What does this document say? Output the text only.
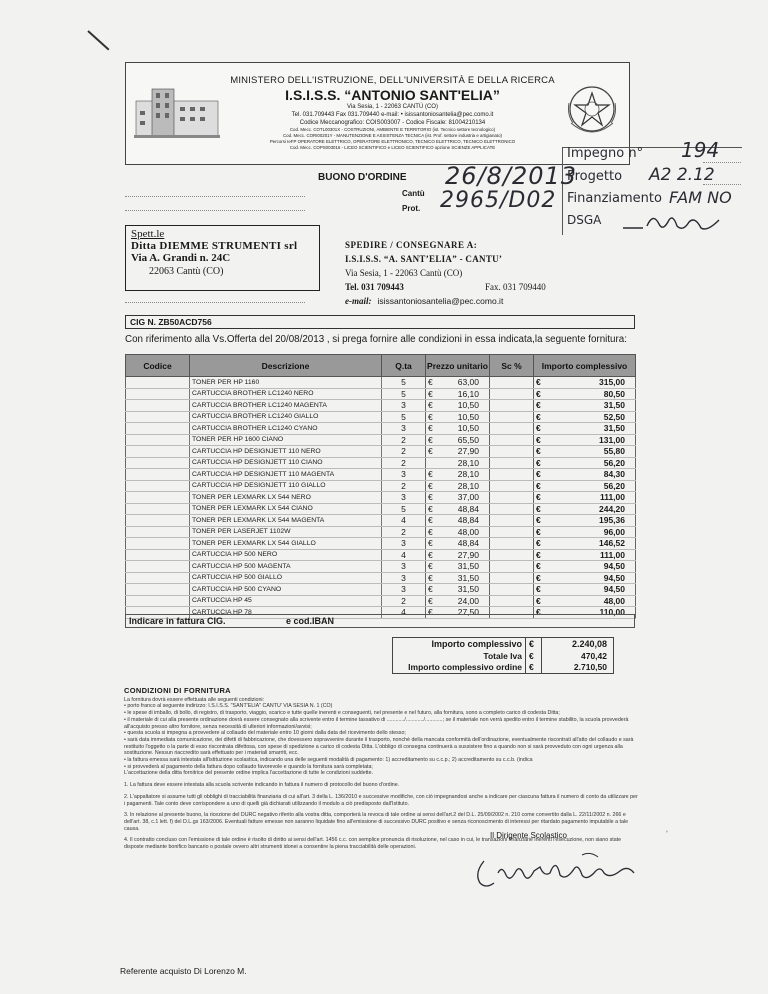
MINISTERO DELL'ISTRUZIONE, DELL'UNIVERSITÀ E DELLA RICERCA
I.S.I.S.S. “ANTONIO SANT'ELIA”
Via Sesia, 1 - 22063 CANTÙ (CO)
Tel. 031.709443 Fax 031.709440 e-mail: • isissantoniosantelia@pec.como.it
Codice Meccanografico: COIS003007 - Codice Fiscale: 81004210134
Cod. Mecc. COTL00301X - COSTRUZIONI, AMBIENTE E TERRITORIO (ist. Tecnico settore tecnologico)
Cod. Mecc. CORI00201Y - MANUTENZIONE E ASSISTENZA TECNICA (ist. Prof. settore industria e artigianato)
Percorsi IeFP OPERATORE ELETTRICO, OPERATORE ELETTRONICO, TECNICO ELETTRICO, TECNICO ELETTRONICO
Cod. Mecc. COPS003016 - LICEO SCIENTIFICO e LICEO SCIENTIFICO opzione SCIENZE APPLICATE	Impegno n° 194
Progetto A2 2.12
Finanziamento FAM NO
DSGA
BUONO D'ORDINE 26/8/2013
Cantù
Prot. 2965/D02
Spett.le
Ditta DIEMME STRUMENTI srl
Via A. Grandi n. 24C
22063 Cantù (CO)
SPEDIRE / CONSEGNARE A:
I.S.I.S.S. “A. SANT’ELIA” - CANTU’
Via Sesia, 1 - 22063 Cantù (CO)
Tel. 031 709443	Fax. 031 709440
e-mail: isissantoniosantelia@pec.como.it
CIG N. ZB50ACD756
Con riferimento alla Vs.Offerta del 20/08/2013 , si prega fornire alle condizioni in essa indicata,la seguente fornitura:
Codice	Descrizione	Q.ta	Prezzo unitario	Sc %	Importo complessivo
	TONER PER HP 1160	5	€ 63,00		€ 315,00

	CARTUCCIA BROTHER LC1240 NERO	5	€ 16,10		€ 80,50

	CARTUCCIA BROTHER LC1240 MAGENTA	3	€ 10,50		€ 31,50

	CARTUCCIA BROTHER LC1240 GIALLO	5	€ 10,50		€ 52,50

	CARTUCCIA BROTHER LC1240 CYANO	3	€ 10,50		€ 31,50

	TONER PER HP 1600 CIANO	2	€ 65,50		€ 131,00

	CARTUCCIA HP DESIGNJETT 110 NERO	2	€ 27,90		€ 55,80

	CARTUCCIA HP DESIGNJETT 110 CIANO	2	28,10		€ 56,20

	CARTUCCIA HP DESIGNJETT 110 MAGENTA	3	€ 28,10		€ 84,30

	CARTUCCIA HP DESIGNJETT 110 GIALLO	2	€ 28,10		€ 56,20

	TONER PER LEXMARK LX 544 NERO	3	€ 37,00		€ 111,00

	TONER PER LEXMARK LX 544 CIANO	5	€ 48,84		€ 244,20

	TONER PER LEXMARK LX 544 MAGENTA	4	€ 48,84		€ 195,36

	TONER PER LASERJET 1102W	2	€ 48,00		€ 96,00

	TONER PER LEXMARK LX 544 GIALLO	3	€ 48,84		€ 146,52

	CARTUCCIA HP 500 NERO	4	€ 27,90		€ 111,00

	CARTUCCIA HP 500 MAGENTA	3	€ 31,50		€ 94,50

	CARTUCCIA HP 500 GIALLO	3	€ 31,50		€ 94,50

	CARTUCCIA HP 500 CYANO	3	€ 31,50		€ 94,50

	CARTUCCIA HP 45	2	€ 24,00		€ 48,00

	CARTUCCIA HP 78	4	€ 27,50		€ 110,00
Indicare in fattura CIG.	e cod.IBAN
Importo complessivo	€	2.240,08
Totale Iva	€	470,42
Importo complessivo ordine	€	2.710,50
CONDIZIONI DI FORNITURA

La fornitura dovrà essere effettuata alle seguenti condizioni:

• porto franco al seguente indirizzo: I.S.I.S.S. "SANT'ELIA" CANTU' VIA SESIA N. 1 (CO)

• le spese di imballo, di bollo, di registro, di trasporto, viaggio, scarico e tutte quelle inerenti e conseguenti, nel presente e nel futuro, alla fornitura, sono a completo carico di codesta Ditta;

• il materiale di cui alla presente ordinazione dovrà essere consegnato alla scrivente entro il termine tassativo di ............/............/............; se il materiale non verrà spedito entro il termine stabilito, la scuola provvederà all'acquisto presso altro fornitore, senza necessità di ulteriori informazioni/avvisi;

• questa scuola si impegna a provvedere al collaudo del materiale entro 10 giorni dalla data del ricevimento dello stesso;

• sarà data immediata comunicazione, dei difetti di fabbricazione, che dovessero sopravvenire durante il trasporto, nonché della mancata conformità dell'ordinazione, eventualmente riscontrati all'atto del collaudo e sarà restituito l'oggetto o la parte di esso riscontrata difettosa, con spese di spedizione a carico di codesta Ditta. L'obbligo di consegna continuerà a sussistere fino a quando non si sarà provveduto con ogni urgenza alla sostituzione. Nessun riaccredito sarà effettuato per i materiali smarriti, ecc.

• la fattura emessa sarà intestata all'istituzione scolastica, indicando una delle seguenti modalità di pagamento: 1) accreditamento su c.c.p.; 2) accreditamento su c.c.b. (indica

• si provvederà al pagamento della fattura dopo collaudo favorevole e quando la fornitura sarà completata;

L'accettazione della ditta fornitrice del presente ordine implica l'accettazione di tutte le condizioni suddette.

1. La fattura deve essere intestata alla scuola scrivente indicando in fattura il numero di protocollo del buono d'ordine.

2. L'appaltatore si assume tutti gli obblighi di tracciabilità finanziaria di cui all'art. 3 della L. 136/2010 e successive modifiche, con ciò impegnandosi anche a indicare per ciascuna fattura il numero di conto da utilizzare per i pagamenti. Tale conto deve corrispondere a uno di quelli già dichiarati utilizzando il modulo a ciò predisposto dall'Istituto.

3. In relazione al presente buono, la ricezione del DURC negativo riferito alla vostra ditta, comporterà la revoca di tale ordine ai sensi dell'art.2 del D.L. 25/09/2002 n. 210 come convertito dalla L. 22/11/2002 n. 266 e dell'art. 38, c.1 lett. f) del D.L.gs 163/2006. Eventuali fatture emesse non saranno liquidate fino all'emissione di successivo DURC positivo e senza riconoscimento di interessi per ritardato pagamento imputabile a tale causa.

4. Il contratto concluso con l'emissione di tale ordine è risolto di diritto ai sensi dell'art. 1456 c.c. con semplice pronuncia di risoluzione, nel caso in cui, le transazioni finanziarie inerenti l'esecuzione, non siano state disposte mediante bonifico bancario o postale ovvero altri strumenti idonei a consentire la piena tracciabilità delle operazioni.

Il Dirigente Scolastico	ʼ
Referente acquisto Di Lorenzo M.
